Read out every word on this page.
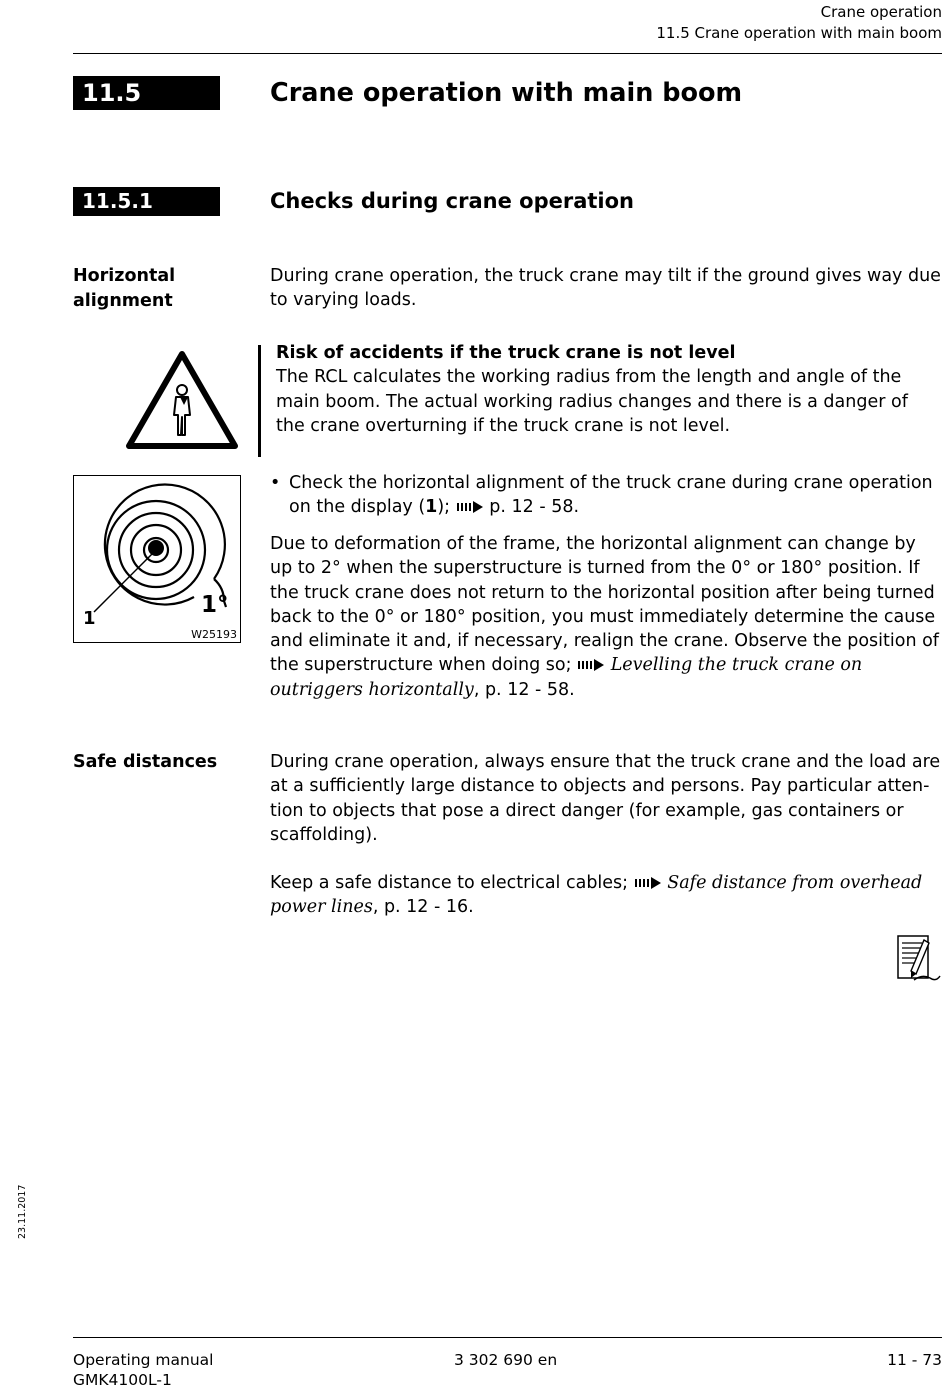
Crane operation
11.5 Crane operation with main boom
11.5	Crane operation with main boom
11.5.1	Checks during crane operation
Horizontal
alignment
During crane operation, the truck crane may tilt if the ground gives way due to varying loads.
Risk of accidents if the truck crane is not level
The RCL calculates the working radius from the length and angle of the main boom. The actual working radius changes and there is a danger of the crane overturning if the truck crane is not level.
1
1°
W25193
• Check the horizontal alignment of the truck crane during crane operation on the display (1); p. 12 - 58.
Due to deformation of the frame, the horizontal alignment can change by up to 2° when the superstructure is turned from the 0° or 180° position. If the truck crane does not return to the horizontal position after being turned back to the 0° or 180° position, you must immediately determine the cause and eliminate it and, if necessary, realign the crane. Observe the position of the superstructure when doing so; Levelling the truck crane on outriggers horizontally, p. 12 - 58.
Safe distances	During crane operation, always ensure that the truck crane and the load are at a sufficiently large distance to objects and persons. Pay particular atten-tion to objects that pose a direct danger (for example, gas containers or scaffolding).
Keep a safe distance to electrical cables; Safe distance from overhead power lines, p. 12 - 16.
23.11.2017
Operating manual
GMK4100L-1
3 302 690 en	11 - 73
